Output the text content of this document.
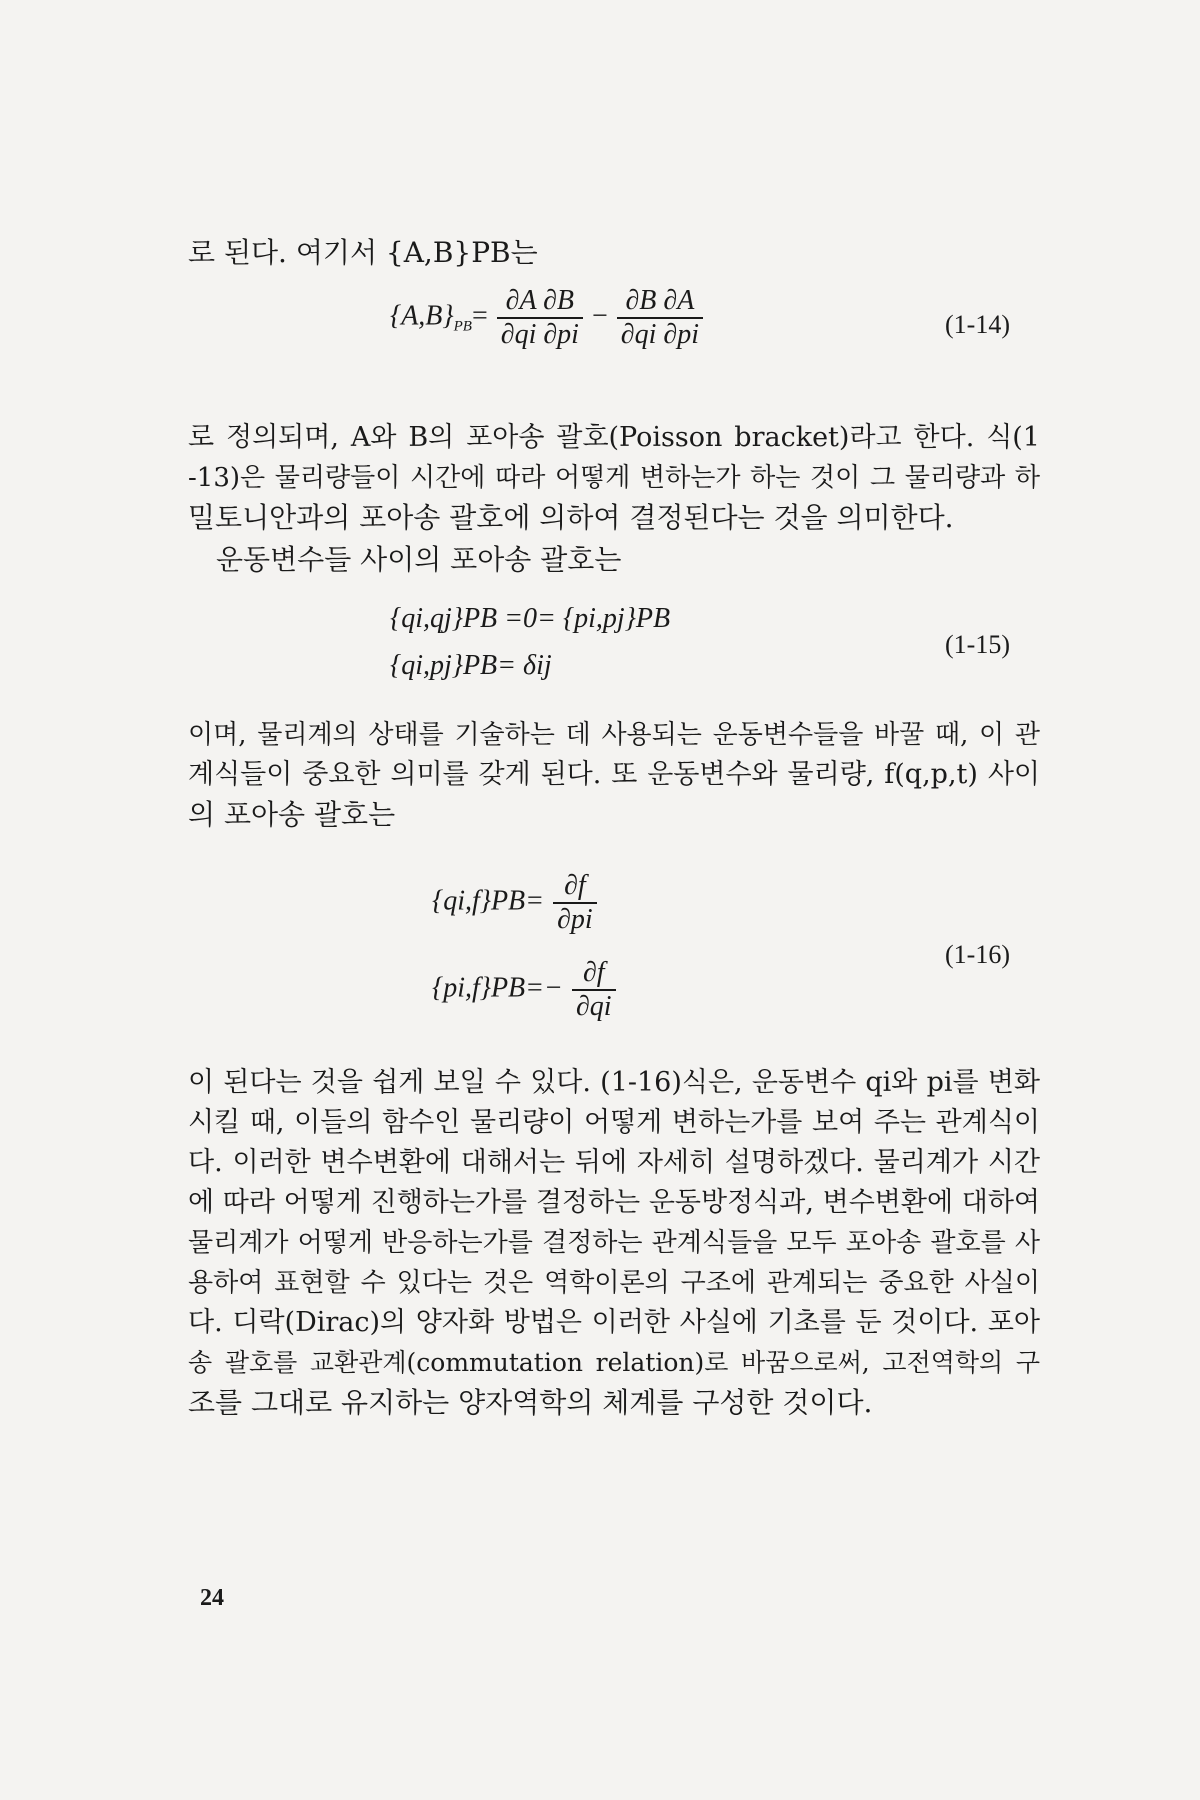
로 된다. 여기서 {A,B}PB는
$\{A,B\}_{PB}= \frac{\partial A \partial B}{\partial qi \partial pi} - \frac{\partial B \partial A}{\partial qi \partial pi}$	(1-14)
로 정의되며, A와 B의 포아송 괄호(Poisson bracket)라고 한다. 식(1
-13)은 물리량들이 시간에 따라 어떻게 변하는가 하는 것이 그 물리량과 하
밀토니안과의 포아송 괄호에 의하여 결정된다는 것을 의미한다.
운동변수들 사이의 포아송 괄호는
{qi,qj}PB =0= {pi,pj}PB
{qi,pj}PB= δij
(1-15)
이며, 물리계의 상태를 기술하는 데 사용되는 운동변수들을 바꿀 때, 이 관
계식들이 중요한 의미를 갖게 된다. 또 운동변수와 물리량, f(q,p,t) 사이
의 포아송 괄호는
$\{qi,f\}PB= \frac{\partial f}{\partial pi}$
$\{pi,f\}PB=- \frac{\partial f}{\partial qi}$
(1-16)
이 된다는 것을 쉽게 보일 수 있다. (1-16)식은, 운동변수 qi와 pi를 변화
시킬 때, 이들의 함수인 물리량이 어떻게 변하는가를 보여 주는 관계식이
다. 이러한 변수변환에 대해서는 뒤에 자세히 설명하겠다. 물리계가 시간
에 따라 어떻게 진행하는가를 결정하는 운동방정식과, 변수변환에 대하여
물리계가 어떻게 반응하는가를 결정하는 관계식들을 모두 포아송 괄호를 사
용하여 표현할 수 있다는 것은 역학이론의 구조에 관계되는 중요한 사실이
다. 디락(Dirac)의 양자화 방법은 이러한 사실에 기초를 둔 것이다. 포아
송 괄호를 교환관계(commutation relation)로 바꿈으로써, 고전역학의 구
조를 그대로 유지하는 양자역학의 체계를 구성한 것이다.
24
